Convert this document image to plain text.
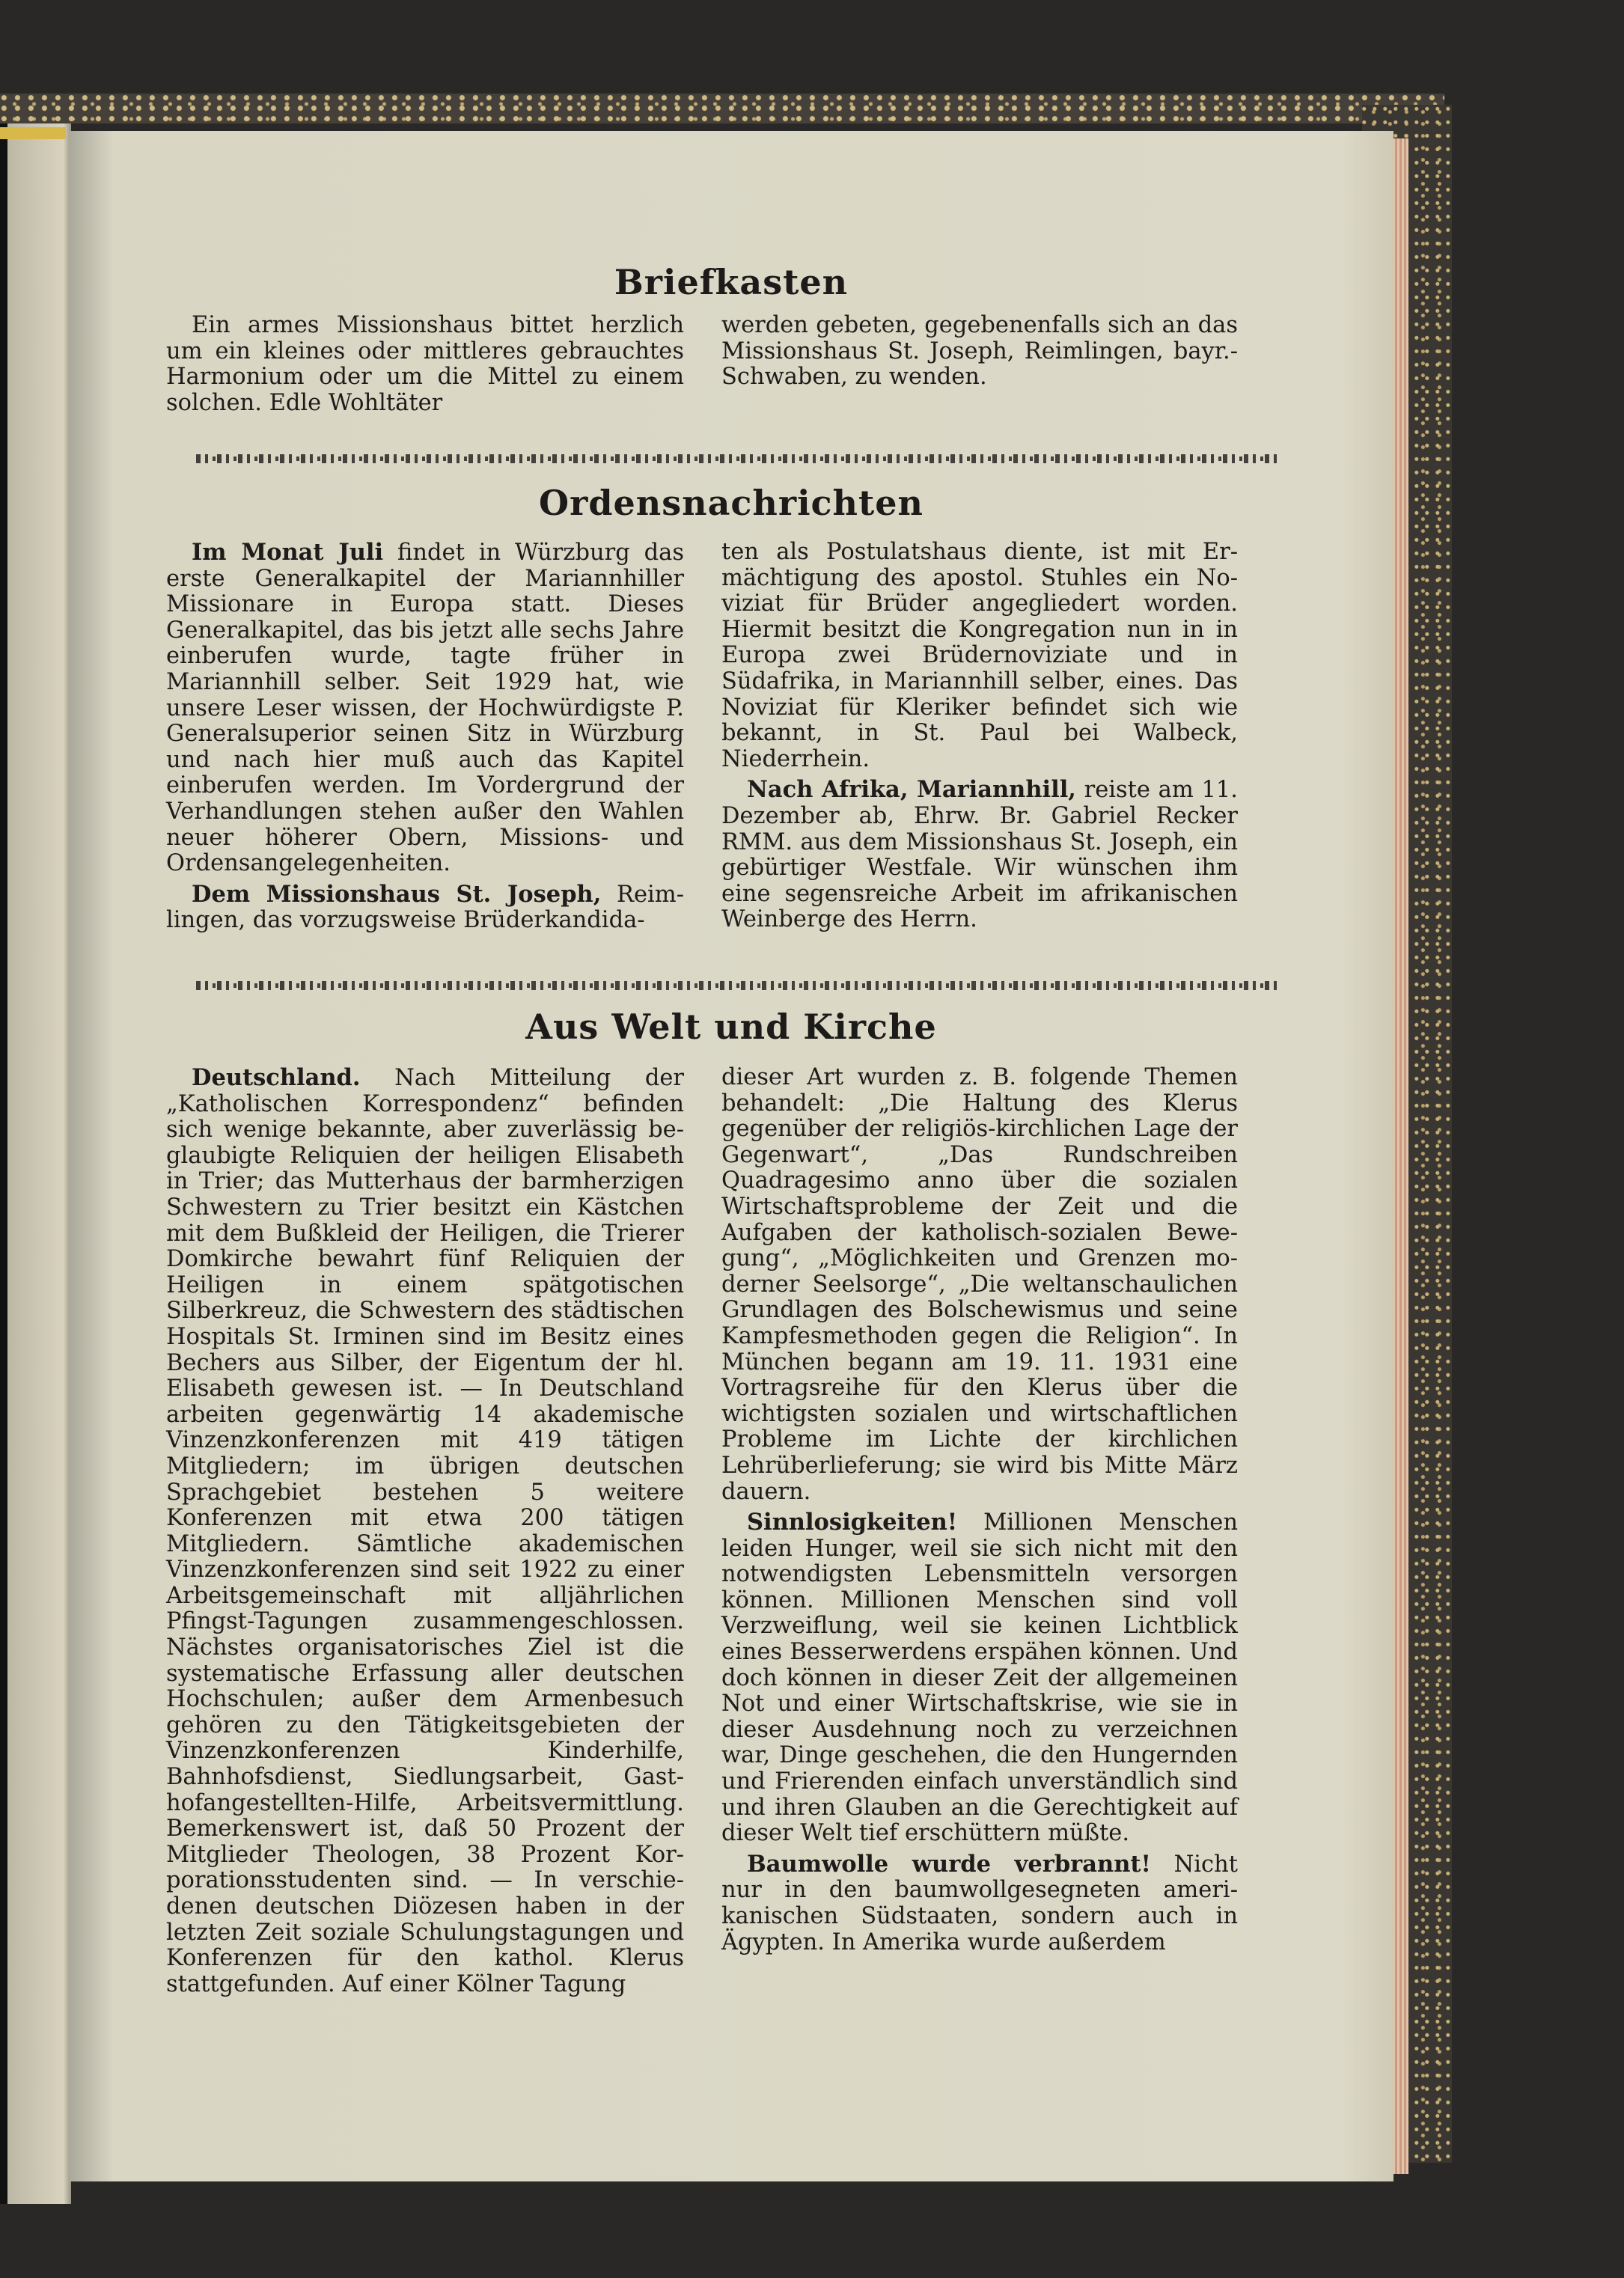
Briefkasten

Ein armes Missionshaus bittet herzlich um ein kleines oder mittleres gebrauchtes Harmonium oder um die Mittel zu einem solchen. Edle Wohltäter

werden gebeten, gegebenenfalls sich an das Missionshaus St. Joseph, Reimlingen, bayr.-Schwaben, zu wenden.

Ordensnachrichten

Im Monat Juli findet in Würzburg das erste Generalkapitel der Mariannhiller Missionare in Europa statt. Dieses Generalkapitel, das bis jetzt alle sechs Jahre einberufen wurde, tagte früher in Mariannhill selber. Seit 1929 hat, wie unsere Leser wissen, der Hochwürdigste P. Generalsuperior seinen Sitz in Würzburg und nach hier muß auch das Kapitel einberufen werden. Im Vordergrund der Verhandlungen stehen außer den Wahlen neuer höherer Obern, Missions- und Ordensangelegenheiten.

Dem Missionshaus St. Joseph, Reimlingen, das vorzugsweise Brüderkandida-

ten als Postulatshaus diente, ist mit Ermächtigung des apostol. Stuhles ein Noviziat für Brüder angegliedert worden. Hiermit besitzt die Kongregation nun in in Europa zwei Brüdernoviziate und in Südafrika, in Mariannhill selber, eines. Das Noviziat für Kleriker befindet sich wie bekannt, in St. Paul bei Walbeck, Niederrhein.

Nach Afrika, Mariannhill, reiste am 11. Dezember ab, Ehrw. Br. Gabriel Recker RMM. aus dem Missionshaus St. Joseph, ein gebürtiger Westfale. Wir wünschen ihm eine segensreiche Arbeit im afrikanischen Weinberge des Herrn.

Aus Welt und Kirche

Deutschland. Nach Mitteilung der „Katholischen Korrespondenz“ befinden sich wenige bekannte, aber zuverlässig beglaubigte Reliquien der heiligen Elisabeth in Trier; das Mutterhaus der barmherzigen Schwestern zu Trier besitzt ein Kästchen mit dem Bußkleid der Heiligen, die Trierer Domkirche bewahrt fünf Reliquien der Heiligen in einem spätgotischen Silberkreuz, die Schwestern des städtischen Hospitals St. Irminen sind im Besitz eines Bechers aus Silber, der Eigentum der hl. Elisabeth gewesen ist. — In Deutschland arbeiten gegenwärtig 14 akademische Vinzenzkonferenzen mit 419 tätigen Mitgliedern; im übrigen deutschen Sprachgebiet bestehen 5 weitere Konferenzen mit etwa 200 tätigen Mitgliedern. Sämtliche akademischen Vinzenzkonferenzen sind seit 1922 zu einer Arbeitsgemeinschaft mit alljährlichen Pfingst-Tagungen zusammengeschlossen. Nächstes organisatorisches Ziel ist die systematische Erfassung aller deutschen Hochschulen; außer dem Armenbesuch gehören zu den Tätigkeitsgebieten der Vinzenzkonferenzen Kinderhilfe, Bahnhofsdienst, Siedlungsarbeit, Gasthofangestellten-Hilfe, Arbeitsvermittlung. Bemerkenswert ist, daß 50 Prozent der Mitglieder Theologen, 38 Prozent Korporationsstudenten sind. — In verschiedenen deutschen Diözesen haben in der letzten Zeit soziale Schulungstagungen und Konferenzen für den kathol. Klerus stattgefunden. Auf einer Kölner Tagung

dieser Art wurden z. B. folgende Themen behandelt: „Die Haltung des Klerus gegenüber der religiös-kirchlichen Lage der Gegenwart“, „Das Rundschreiben Quadragesimo anno über die sozialen Wirtschaftsprobleme der Zeit und die Aufgaben der katholisch-sozialen Bewegung“, „Möglichkeiten und Grenzen moderner Seelsorge“, „Die weltanschaulichen Grundlagen des Bolschewismus und seine Kampfesmethoden gegen die Religion“. In München begann am 19. 11. 1931 eine Vortragsreihe für den Klerus über die wichtigsten sozialen und wirtschaftlichen Probleme im Lichte der kirchlichen Lehrüberlieferung; sie wird bis Mitte März dauern.

Sinnlosigkeiten! Millionen Menschen leiden Hunger, weil sie sich nicht mit den notwendigsten Lebensmitteln versorgen können. Millionen Menschen sind voll Verzweiflung, weil sie keinen Lichtblick eines Besserwerdens erspähen können. Und doch können in dieser Zeit der allgemeinen Not und einer Wirtschaftskrise, wie sie in dieser Ausdehnung noch zu verzeichnen war, Dinge geschehen, die den Hungernden und Frierenden einfach unverständlich sind und ihren Glauben an die Gerechtigkeit auf dieser Welt tief erschüttern müßte.

Baumwolle wurde verbrannt! Nicht nur in den baumwollgesegneten amerikanischen Südstaaten, sondern auch in Ägypten. In Amerika wurde außerdem
